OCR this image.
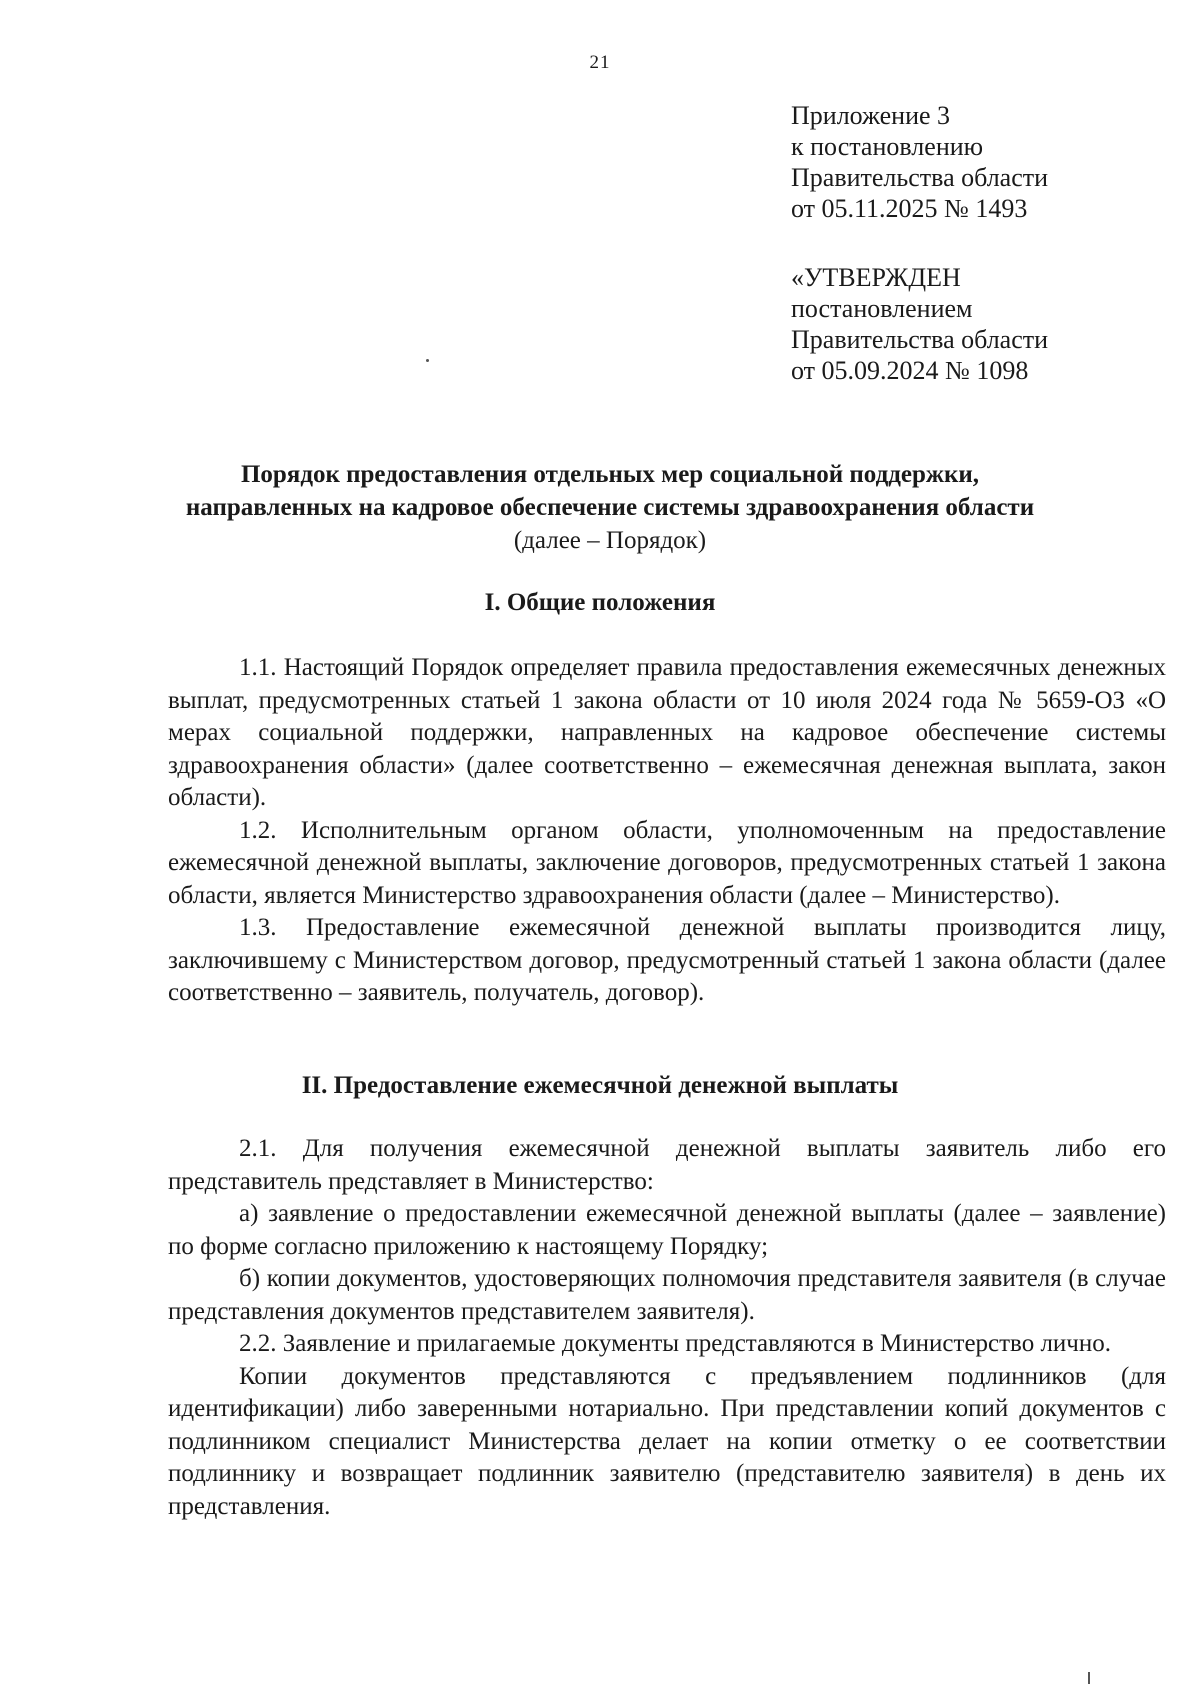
21
Приложение 3
к постановлению
Правительства области
от 05.11.2025 № 1493
«УТВЕРЖДЕН
постановлением
Правительства области
от 05.09.2024 № 1098
Порядок предоставления отдельных мер социальной поддержки,
направленных на кадровое обеспечение системы здравоохранения области
(далее – Порядок)
I. Общие положения

1.1. Настоящий Порядок определяет правила предоставления ежемесячных денежных выплат, предусмотренных статьей 1 закона области от 10 июля 2024 года № 5659-ОЗ «О мерах социальной поддержки, направленных на кадровое обеспечение системы здравоохранения области» (далее соответственно – ежемесячная денежная выплата, закон области).

1.2. Исполнительным органом области, уполномоченным на предоставление ежемесячной денежной выплаты, заключение договоров, предусмотренных статьей 1 закона области, является Министерство здравоохранения области (далее – Министерство).

1.3. Предоставление ежемесячной денежной выплаты производится лицу, заключившему с Министерством договор, предусмотренный статьей 1 закона области (далее соответственно – заявитель, получатель, договор).

II. Предоставление ежемесячной денежной выплаты

2.1. Для получения ежемесячной денежной выплаты заявитель либо его представитель представляет в Министерство:

а) заявление о предоставлении ежемесячной денежной выплаты (далее – заявление) по форме согласно приложению к настоящему Порядку;

б) копии документов, удостоверяющих полномочия представителя заявителя (в случае представления документов представителем заявителя).

2.2. Заявление и прилагаемые документы представляются в Министерство лично.

Копии документов представляются с предъявлением подлинников (для идентификации) либо заверенными нотариально. При представлении копий документов с подлинником специалист Министерства делает на копии отметку о ее соответствии подлиннику и возвращает подлинник заявителю (представителю заявителя) в день их представления.
